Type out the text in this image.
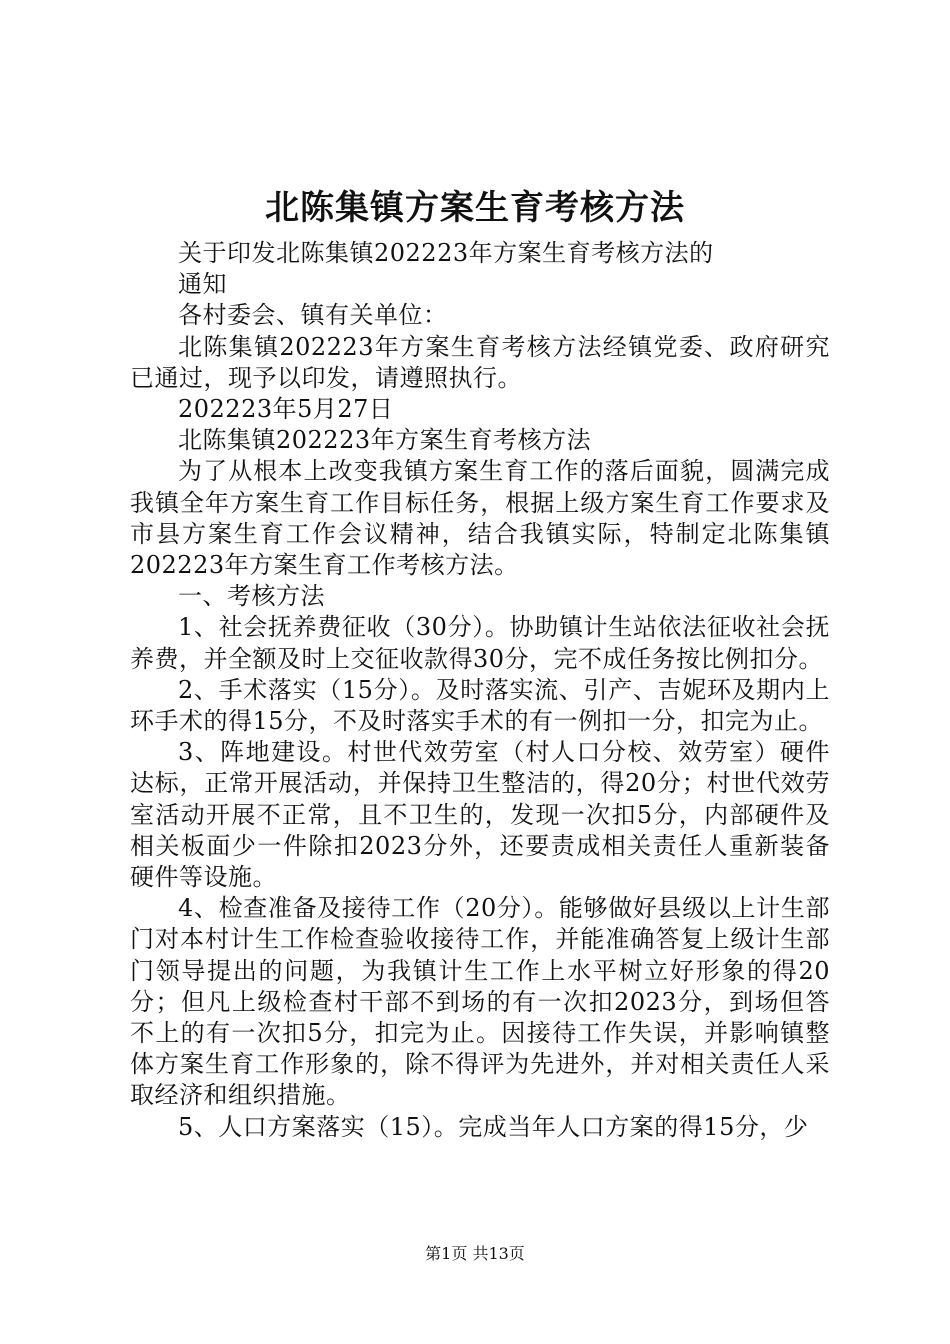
北陈集镇方案生育考核方法

关于印发北陈集镇202223年方案生育考核方法的

通知

各村委会、镇有关单位：

北陈集镇202223年方案生育考核方法经镇党委、政府研究已通过，现予以印发，请遵照执行。

202223年5月27日

北陈集镇202223年方案生育考核方法

为了从根本上改变我镇方案生育工作的落后面貌，圆满完成我镇全年方案生育工作目标任务，根据上级方案生育工作要求及市县方案生育工作会议精神，结合我镇实际，特制定北陈集镇202223年方案生育工作考核方法。

一、考核方法

1、社会抚养费征收（30分）。协助镇计生站依法征收社会抚养费，并全额及时上交征收款得30分，完不成任务按比例扣分。

2、手术落实（15分）。及时落实流、引产、吉妮环及期内上环手术的得15分，不及时落实手术的有一例扣一分，扣完为止。

3、阵地建设。村世代效劳室（村人口分校、效劳室）硬件达标，正常开展活动，并保持卫生整洁的，得20分；村世代效劳室活动开展不正常，且不卫生的，发现一次扣5分，内部硬件及相关板面少一件除扣2023分外，还要责成相关责任人重新装备硬件等设施。

4、检查准备及接待工作（20分）。能够做好县级以上计生部门对本村计生工作检查验收接待工作，并能准确答复上级计生部门领导提出的问题，为我镇计生工作上水平树立好形象的得20分；但凡上级检查村干部不到场的有一次扣2023分，到场但答不上的有一次扣5分，扣完为止。因接待工作失误，并影响镇整体方案生育工作形象的，除不得评为先进外，并对相关责任人采取经济和组织措施。

5、人口方案落实（15）。完成当年人口方案的得15分，少

第1页 共13页
